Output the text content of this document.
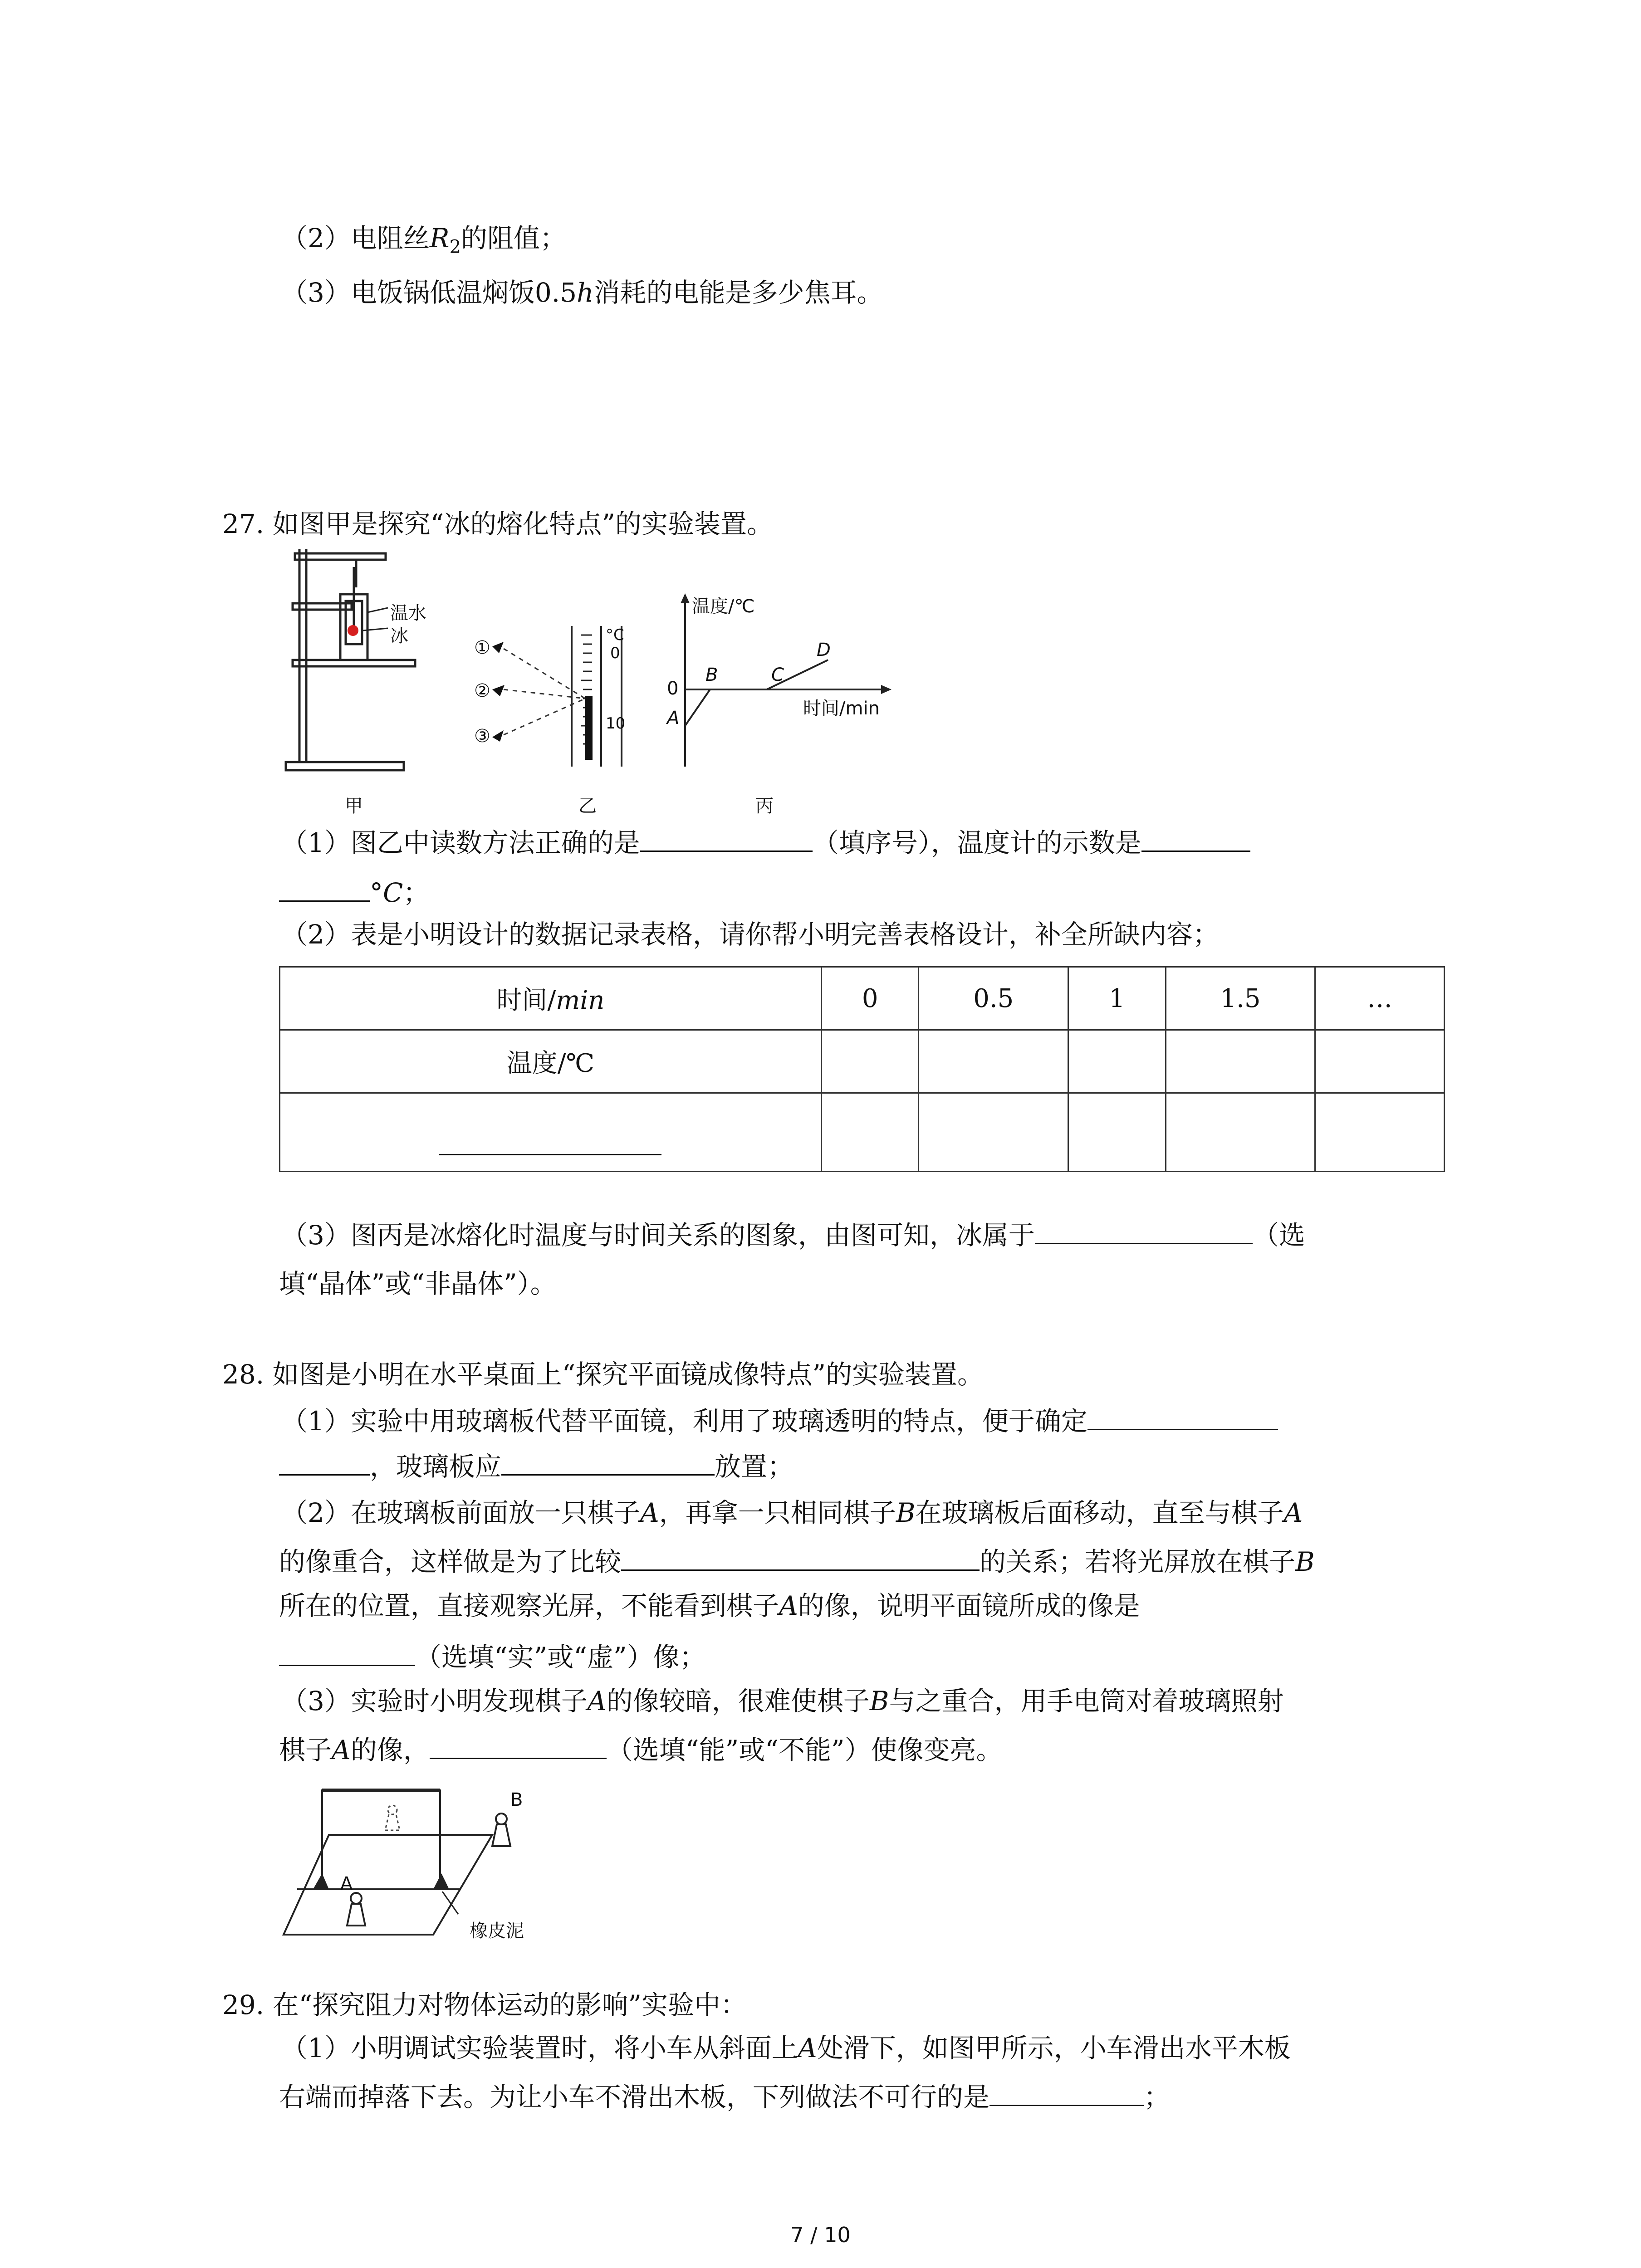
（2）电阻丝$R_2$的阻值；
（3）电饭锅低温焖饭0.5h消耗的电能是多少焦耳。
27. 如图甲是探究“冰的熔化特点”的实验装置。
温水
冰
甲
①
②
③
°C
0
10
乙
温度/℃
0
A
B	C
D
时间/min
丙
（1）图乙中读数方法正确的是	（填序号），温度计的示数是
°C；
（2）表是小明设计的数据记录表格，请你帮小明完善表格设计，补全所缺内容；
时间/min	0	0.5	1	1.5	…
温度/℃					

（3）图丙是冰熔化时温度与时间关系的图象，由图可知，冰属于	（选
填“晶体”或“非晶体”）。
28. 如图是小明在水平桌面上“探究平面镜成像特点”的实验装置。
（1）实验中用玻璃板代替平面镜，利用了玻璃透明的特点，便于确定
，玻璃板应	放置；
（2）在玻璃板前面放一只棋子A，再拿一只相同棋子B在玻璃板后面移动，直至与棋子A
的像重合，这样做是为了比较	的关系；若将光屏放在棋子B
所在的位置，直接观察光屏，不能看到棋子A的像，说明平面镜所成的像是
（选填“实”或“虚”）像；
（3）实验时小明发现棋子A的像较暗，很难使棋子B与之重合，用手电筒对着玻璃照射
棋子A的像，	（选填“能”或“不能”）使像变亮。
A
B
橡皮泥
29. 在“探究阻力对物体运动的影响”实验中：
（1）小明调试实验装置时，将小车从斜面上A处滑下，如图甲所示，小车滑出水平木板
右端而掉落下去。为让小车不滑出木板，下列做法不可行的是	；
7 / 10
